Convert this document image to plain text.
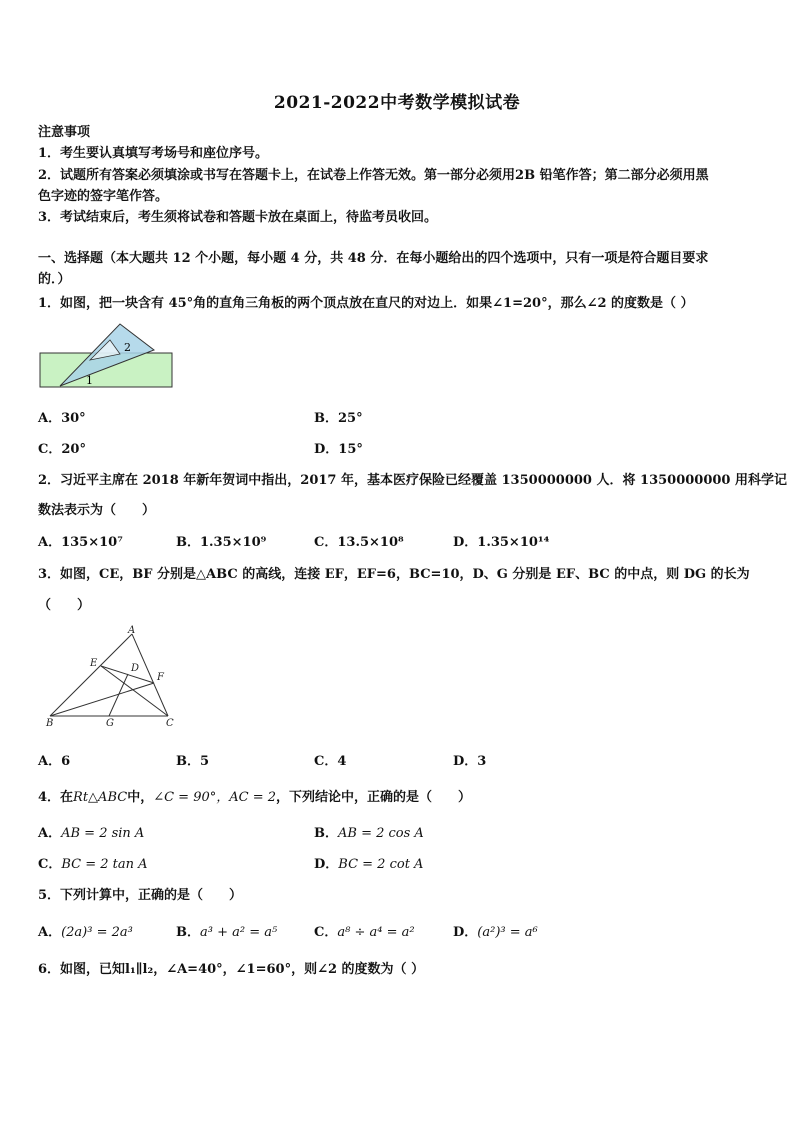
2021-2022中考数学模拟试卷
注意事项
1．考生要认真填写考场号和座位序号。
2．试题所有答案必须填涂或书写在答题卡上，在试卷上作答无效。第一部分必须用2B 铅笔作答；第二部分必须用黑
色字迹的签字笔作答。
3．考试结束后，考生须将试卷和答题卡放在桌面上，待监考员收回。
一、选择题（本大题共 12 个小题，每小题 4 分，共 48 分．在每小题给出的四个选项中，只有一项是符合题目要求
的．）
1．如图，把一块含有 45°角的直角三角板的两个顶点放在直尺的对边上．如果∠1=20°，那么∠2 的度数是（ ）
2
1
A．30°	B．25°
C．20°	D．15°
2．习近平主席在 2018 年新年贺词中指出，2017 年，基本医疗保险已经覆盖 1350000000 人．将 1350000000 用科学记
数法表示为（　　）
A．135×10⁷	B．1.35×10⁹	C．13.5×10⁸	D．1.35×10¹⁴
3．如图，CE，BF 分别是△ABC 的高线，连接 EF，EF=6，BC=10，D、G 分别是 EF、BC 的中点，则 DG 的长为
（　　）
A
E	D
F
B	G	C
A．6	B．5	C．4	D．3
4．在Rt△ABC中，∠C = 90°，AC = 2，下列结论中，正确的是（　　）
A．AB = 2 sin A	B．AB = 2 cos A
C．BC = 2 tan A	D．BC = 2 cot A
5．下列计算中，正确的是（　　）
A．(2a)³ = 2a³	B．a³ + a² = a⁵	C．a⁸ ÷ a⁴ = a²	D．(a²)³ = a⁶
6．如图，已知l₁∥l₂，∠A=40°，∠1=60°，则∠2 的度数为（ ）
